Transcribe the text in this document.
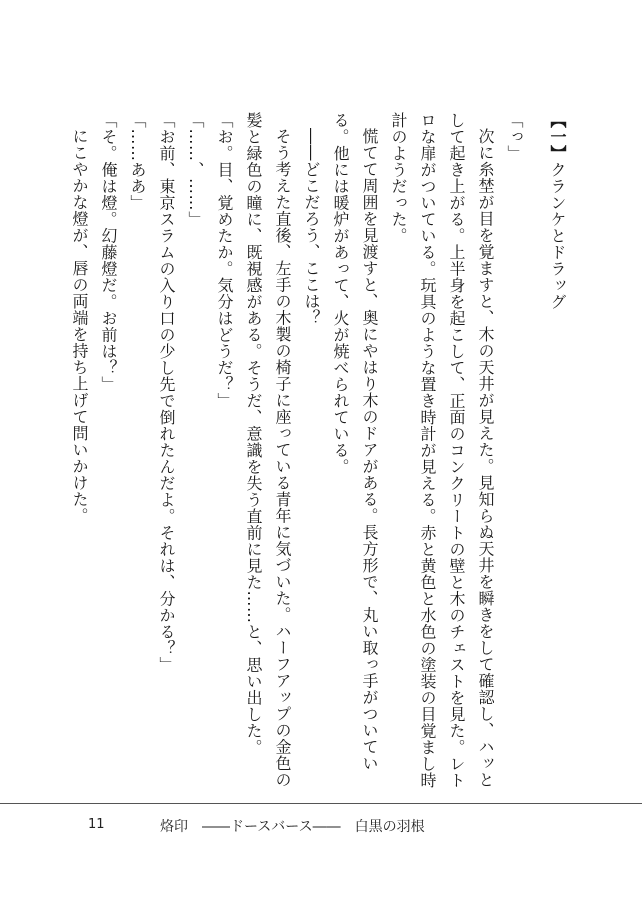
【一】クランケとドラッグ

「っ」

次に糸埜が目を覚ますと、木の天井が見えた。見知らぬ天井を瞬きをして確認し、ハッとして起き上がる。上半身を起こして、正面のコンクリートの壁と木のチェストを見た。レトロな扉がついている。玩具のような置き時計が見える。赤と黄色と水色の塗装の目覚まし時計のようだった。

慌てて周囲を見渡すと、奥にやはり木のドアがある。長方形で、丸い取っ手がついている。他には暖炉があって、火が焼べられている。

――どこだろう、ここは？

そう考えた直後、左手の木製の椅子に座っている青年に気づいた。ハーフアップの金色の髪と緑色の瞳に、既視感がある。そうだ、意識を失う直前に見た……と、思い出した。

「お。目、覚めたか。気分はどうだ？」

「……、……」

「お前、東京スラムの入り口の少し先で倒れたんだよ。それは、分かる？」

「……ああ」

「そ。俺は燈。幻藤燈だ。お前は？」

にこやかな燈が、唇の両端を持ち上げて問いかけた。

11	烙印　――ドースバース――　白黒の羽根
